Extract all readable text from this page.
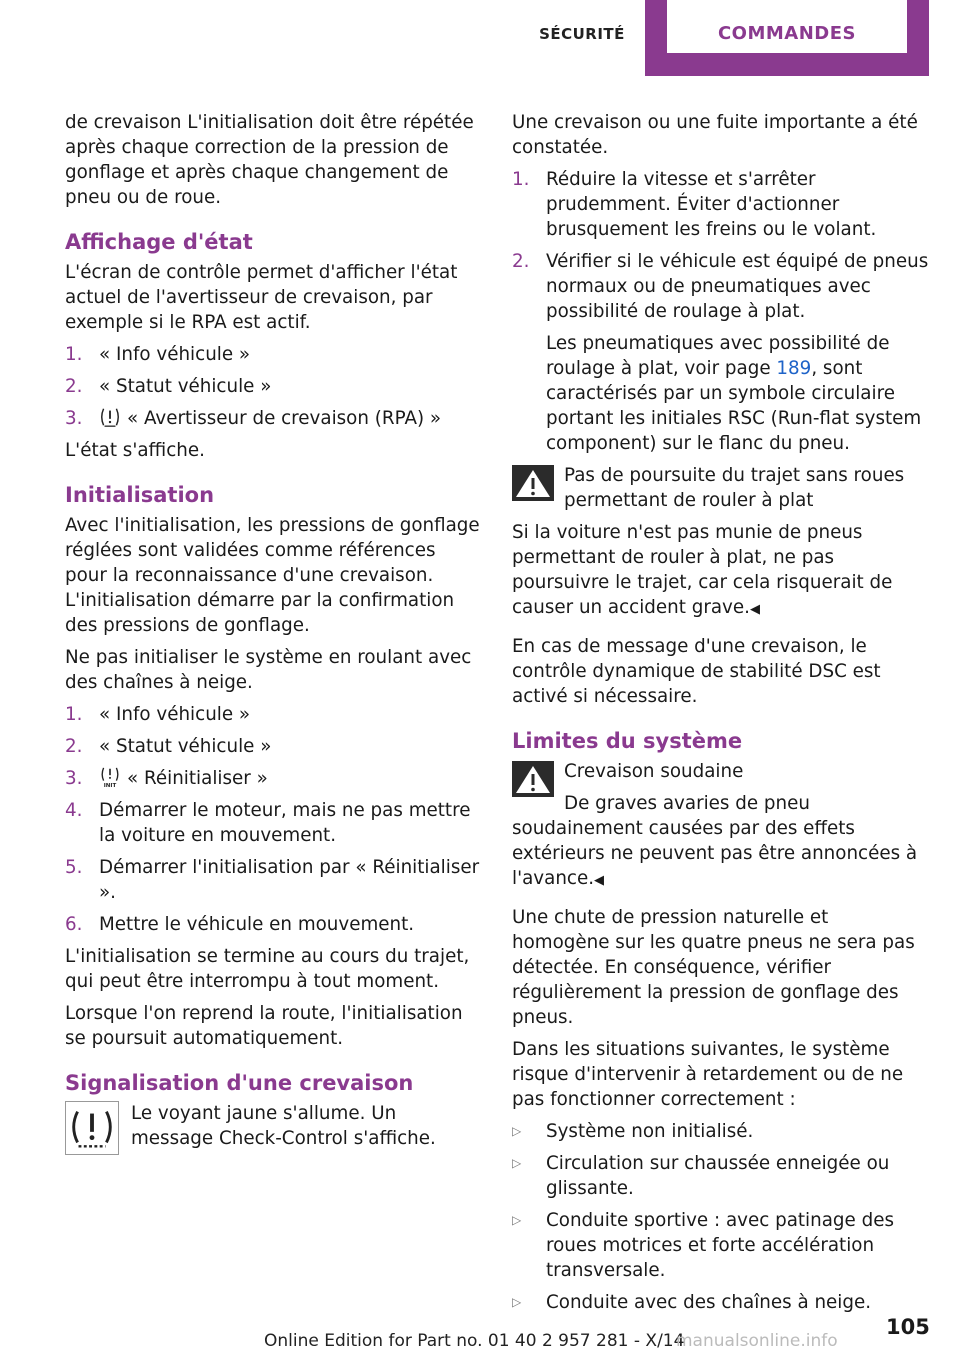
SÉCURITÉ	COMMANDES

de crevaison L'initialisation doit être répétée après chaque correction de la pression de gonflage et après chaque changement de pneu ou de roue.

Affichage d'état

L'écran de contrôle permet d'afficher l'état actuel de l'avertisseur de crevaison, par exemple si le RPA est actif.

1. « Info véhicule »
2. « Statut véhicule »
3. « Avertisseur de crevaison (RPA) »

L'état s'affiche.

Initialisation

Avec l'initialisation, les pressions de gonflage réglées sont validées comme références pour la reconnaissance d'une crevaison. L'initialisation démarre par la confirmation des pressions de gonflage.

Ne pas initialiser le système en roulant avec des chaînes à neige.

1. « Info véhicule »
2. « Statut véhicule »
3.	INIT « Réinitialiser »
4. Démarrer le moteur, mais ne pas mettre la voiture en mouvement.
5. Démarrer l'initialisation par « Réinitialiser ».
6. Mettre le véhicule en mouvement.

L'initialisation se termine au cours du trajet, qui peut être interrompu à tout moment.

Lorsque l'on reprend la route, l'initialisation se poursuit automatiquement.

Signalisation d'une crevaison
Le voyant jaune s'allume. Un message Check-Control s'affiche.

Une crevaison ou une fuite importante a été constatée.

1. Réduire la vitesse et s'arrêter prudemment. Éviter d'actionner brusquement les freins ou le volant.
2. Vérifier si le véhicule est équipé de pneus normaux ou de pneumatiques avec possibilité de roulage à plat.
Les pneumatiques avec possibilité de roulage à plat, voir page 189, sont caractérisés par un symbole circulaire portant les initiales RSC (Run-flat system component) sur le flanc du pneu.
Pas de poursuite du trajet sans roues permettant de rouler à plat

Si la voiture n'est pas munie de pneus permettant de rouler à plat, ne pas poursuivre le trajet, car cela risquerait de causer un accident grave.◀

En cas de message d'une crevaison, le contrôle dynamique de stabilité DSC est activé si nécessaire.

Limites du système
Crevaison soudaine

De graves avaries de pneu soudainement causées par des effets extérieurs ne peuvent pas être annoncées à l'avance.◀

Une chute de pression naturelle et homogène sur les quatre pneus ne sera pas détectée. En conséquence, vérifier régulièrement la pression de gonflage des pneus.

Dans les situations suivantes, le système risque d'intervenir à retardement ou de ne pas fonctionner correctement :

▷ Système non initialisé.
▷ Circulation sur chaussée enneigée ou glissante.
▷ Conduite sportive : avec patinage des roues motrices et forte accélération transversale.
▷ Conduite avec des chaînes à neige.
105
Online Edition for Part no. 01 40 2 957 281 - X/14
manualsonline.info
